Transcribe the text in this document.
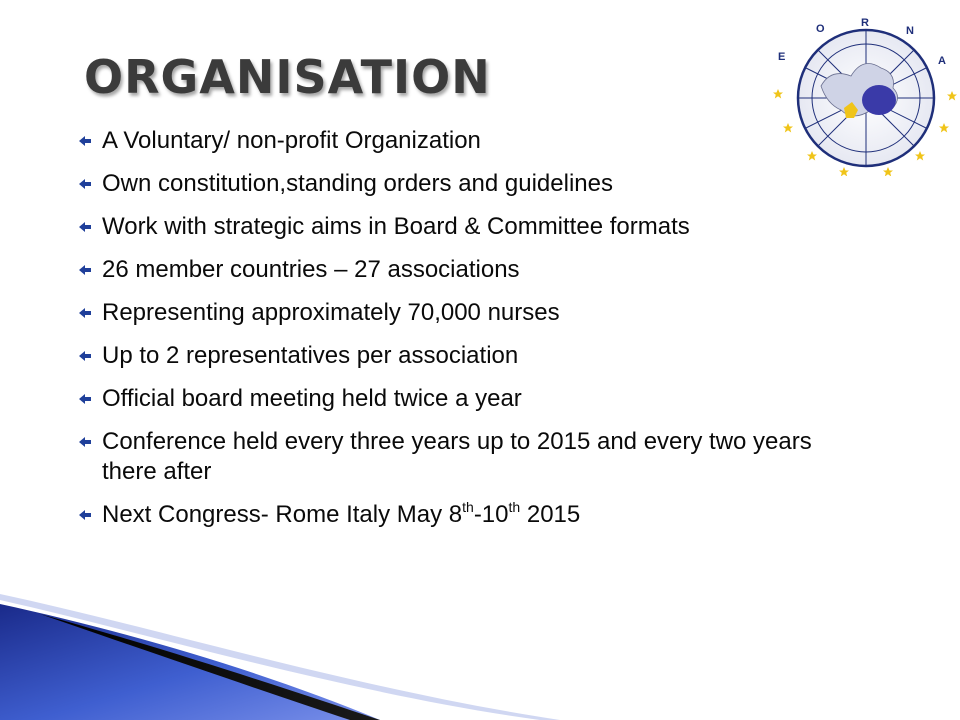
ORGANISATION	E
O	R
N
A
A Voluntary/ non-profit Organization
Own constitution,standing orders and guidelines
Work with strategic aims in Board & Committee formats
26 member countries – 27 associations
Representing approximately 70,000 nurses
Up to 2 representatives per association
Official board meeting held twice a year
Conference held every three years up to 2015 and every two years there after
Next Congress- Rome Italy May 8th-10th 2015
